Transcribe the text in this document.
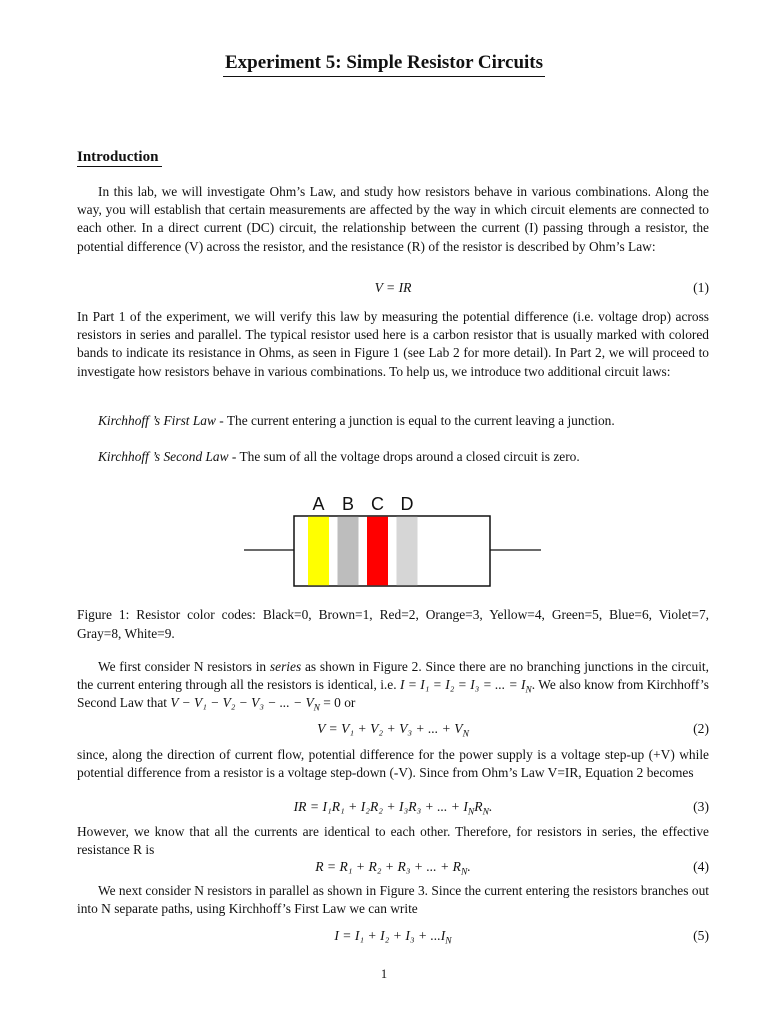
Experiment 5: Simple Resistor Circuits
Introduction

In this lab, we will investigate Ohm’s Law, and study how resistors behave in various combinations. Along the way, you will establish that certain measurements are affected by the way in which circuit elements are connected to each other. In a direct current (DC) circuit, the relationship between the current (I) passing through a resistor, the potential difference (V) across the resistor, and the resistance (R) of the resistor is described by Ohm’s Law:

V = IR	(1)

In Part 1 of the experiment, we will verify this law by measuring the potential difference (i.e. voltage drop) across resistors in series and parallel. The typical resistor used here is a carbon resistor that is usually marked with colored bands to indicate its resistance in Ohms, as seen in Figure 1 (see Lab 2 for more detail). In Part 2, we will proceed to investigate how resistors behave in various combinations. To help us, we introduce two additional circuit laws:

Kirchhoff ’s First Law - The current entering a junction is equal to the current leaving a junction.
Kirchhoff ’s Second Law - The sum of all the voltage drops around a closed circuit is zero.
A B C D

Figure 1: Resistor color codes: Black=0, Brown=1, Red=2, Orange=3, Yellow=4, Green=5, Blue=6, Violet=7, Gray=8, White=9.

We first consider N resistors in series as shown in Figure 2. Since there are no branching junctions in the circuit, the current entering through all the resistors is identical, i.e. I = I₁ = I₂ = I₃ = ... = $I_N$. We also know from Kirchhoff’s Second Law that V − V₁ − V₂ − V₃ − ... − $V_N = 0$ or

V = V₁ + V₂ + V₃ + ... + $V_N$	(2)

since, along the direction of current flow, potential difference for the power supply is a voltage step-up (+V) while potential difference from a resistor is a voltage step-down (-V). Since from Ohm’s Law V=IR, Equation 2 becomes

IR = I₁R₁ + I₂R₂ + I₃R₃ + ... + $I_NR_N$.	(3)

However, we know that all the currents are identical to each other. Therefore, for resistors in series, the effective resistance R is

R = R₁ + R₂ + R₃ + ... + $R_N$.	(4)

We next consider N resistors in parallel as shown in Figure 3. Since the current entering the resistors branches out into N separate paths, using Kirchhoff’s First Law we can write

$I = I_1 + I_2 + I_3 + ...I_N$	(5)
1
